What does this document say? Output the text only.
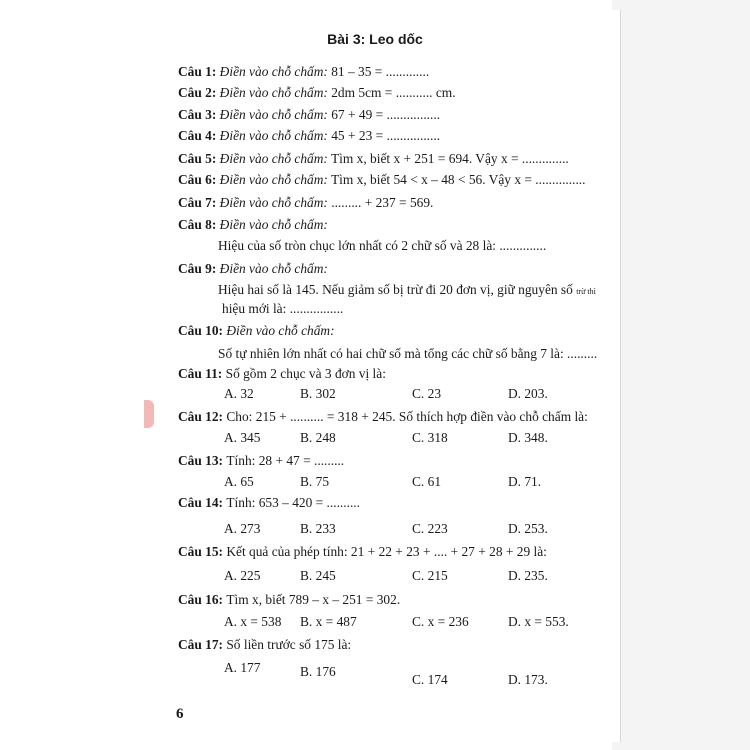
Bài 3: Leo dốc
Câu 1: Điền vào chỗ chấm: 81 – 35 = .............
Câu 2: Điền vào chỗ chấm: 2dm 5cm = ........... cm.
Câu 3: Điền vào chỗ chấm: 67 + 49 = ................
Câu 4: Điền vào chỗ chấm: 45 + 23 = ................
Câu 5: Điền vào chỗ chấm: Tìm x, biết x + 251 = 694. Vậy x = ..............
Câu 6: Điền vào chỗ chấm: Tìm x, biết 54 < x – 48 < 56. Vậy x = ...............
Câu 7: Điền vào chỗ chấm: ......... + 237 = 569.
Câu 8: Điền vào chỗ chấm:
Hiệu của số tròn chục lớn nhất có 2 chữ số và 28 là: ..............
Câu 9: Điền vào chỗ chấm:
Hiệu hai số là 145. Nếu giảm số bị trừ đi 20 đơn vị, giữ nguyên số trừ thì
hiệu mới là: ................
Câu 10: Điền vào chỗ chấm:
Số tự nhiên lớn nhất có hai chữ số mà tổng các chữ số bằng 7 là: .........
Câu 11: Số gồm 2 chục và 3 đơn vị là:
A. 32	B. 302	C. 23	D. 203.
Câu 12: Cho: 215 + .......... = 318 + 245. Số thích hợp điền vào chỗ chấm là:
A. 345	B. 248	C. 318	D. 348.
Câu 13: Tính: 28 + 47 = .........
A. 65	B. 75	C. 61	D. 71.
Câu 14: Tính: 653 – 420 = ..........
A. 273	B. 233	C. 223	D. 253.
Câu 15: Kết quả của phép tính: 21 + 22 + 23 + .... + 27 + 28 + 29 là:
A. 225	B. 245	C. 215	D. 235.
Câu 16: Tìm x, biết 789 – x – 251 = 302.
A. x = 538 B. x = 487	C. x = 236	D. x = 553.
Câu 17: Số liền trước số 175 là:
A. 177	B. 176
C. 174	D. 173.
6
